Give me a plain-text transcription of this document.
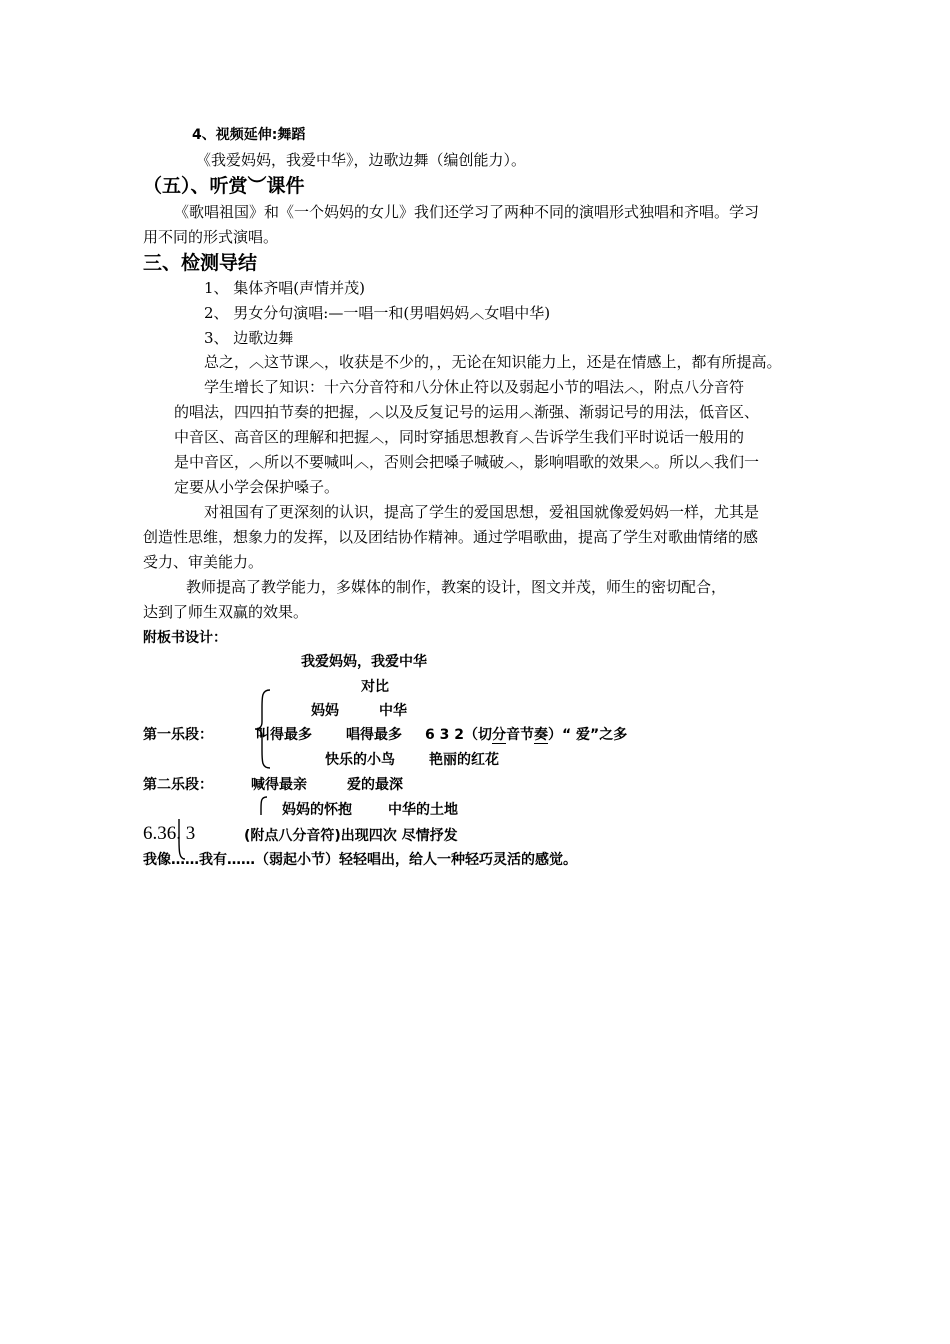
4、视频延伸:舞蹈
《我爱妈妈，我爱中华》，边歌边舞（编创能力）。
（五）、听赏︶课件
《歌唱祖国》和《一个妈妈的女儿》我们还学习了两种不同的演唱形式独唱和齐唱。学习
用不同的形式演唱。
三、检测导结
1、 集体齐唱(声情并茂)
2、 男女分句演唱:—一唱一和(男唱妈妈︿女唱中华)
3、 边歌边舞
总之，︿这节课︿，收获是不少的，，无论在知识能力上，还是在情感上，都有所提高。
学生增长了知识：十六分音符和八分休止符以及弱起小节的唱法︿，附点八分音符
的唱法，四四拍节奏的把握，︿以及反复记号的运用︿渐强、渐弱记号的用法，低音区、
中音区、高音区的理解和把握︿，同时穿插思想教育︿告诉学生我们平时说话一般用的
是中音区，︿所以不要喊叫︿，否则会把嗓子喊破︿，影响唱歌的效果︿。所以︿我们一
定要从小学会保护嗓子。
对祖国有了更深刻的认识，提高了学生的爱国思想，爱祖国就像爱妈妈一样，尤其是
创造性思维，想象力的发挥，以及团结协作精神。通过学唱歌曲，提高了学生对歌曲情绪的感
受力、审美能力。
教师提高了教学能力，多媒体的制作，教案的设计，图文并茂，师生的密切配合，
达到了师生双赢的效果。
附板书设计：
我爱妈妈，我爱中华
对比
妈妈	中华
第一乐段：	叫得最多 唱得最多 6 3 2（切分音节奏）“ 爱”之多
快乐的小鸟 艳丽的红花
第二乐段：	喊得最亲	爱的最深
妈妈的怀抱	中华的土地
6.36. 3	(附点八分音符)出现四次 尽情抒发
我像……我有……（弱起小节）轻轻唱出，给人一种轻巧灵活的感觉。
